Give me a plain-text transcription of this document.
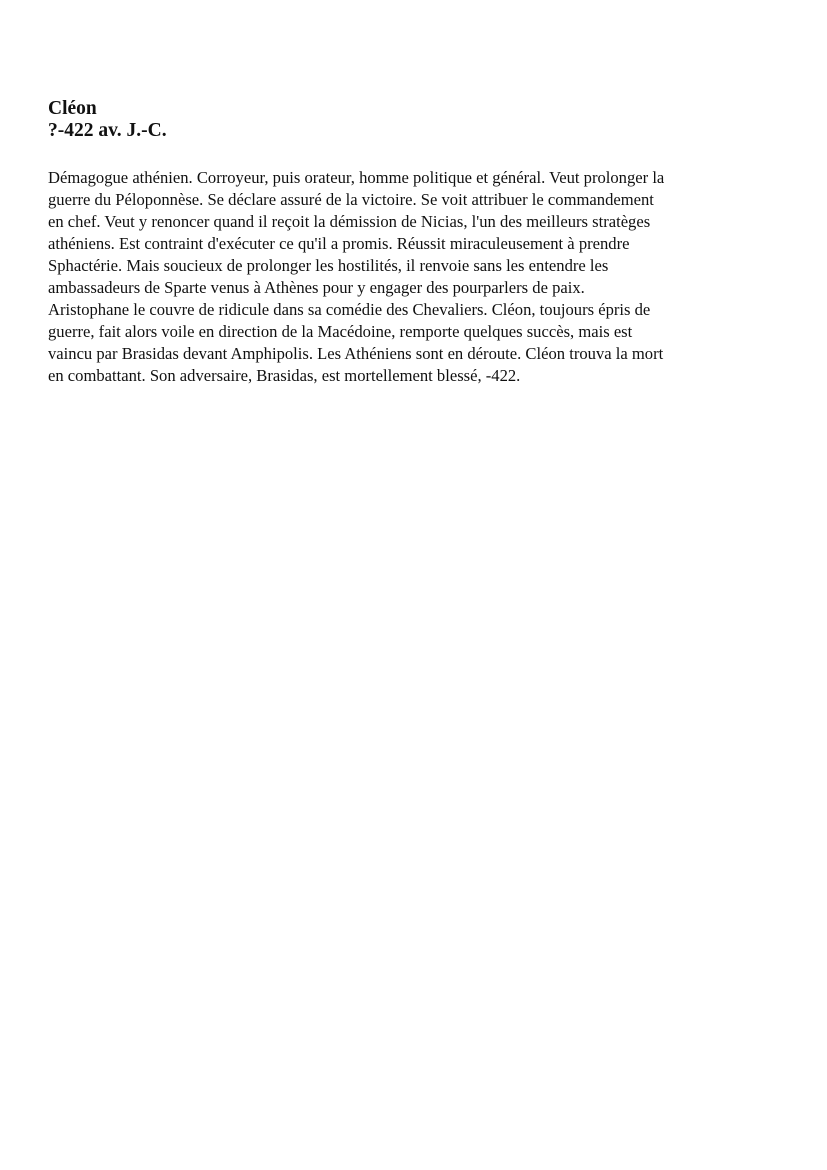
Cléon
?-422 av. J.-C.

Démagogue athénien. Corroyeur, puis orateur, homme politique et général. Veut prolonger la
guerre du Péloponnèse. Se déclare assuré de la victoire. Se voit attribuer le commandement
en chef. Veut y renoncer quand il reçoit la démission de Nicias, l'un des meilleurs stratèges
athéniens. Est contraint d'exécuter ce qu'il a promis. Réussit miraculeusement à prendre
Sphactérie. Mais soucieux de prolonger les hostilités, il renvoie sans les entendre les
ambassadeurs de Sparte venus à Athènes pour y engager des pourparlers de paix.
Aristophane le couvre de ridicule dans sa comédie des Chevaliers. Cléon, toujours épris de
guerre, fait alors voile en direction de la Macédoine, remporte quelques succès, mais est
vaincu par Brasidas devant Amphipolis. Les Athéniens sont en déroute. Cléon trouva la mort
en combattant. Son adversaire, Brasidas, est mortellement blessé, -422.
